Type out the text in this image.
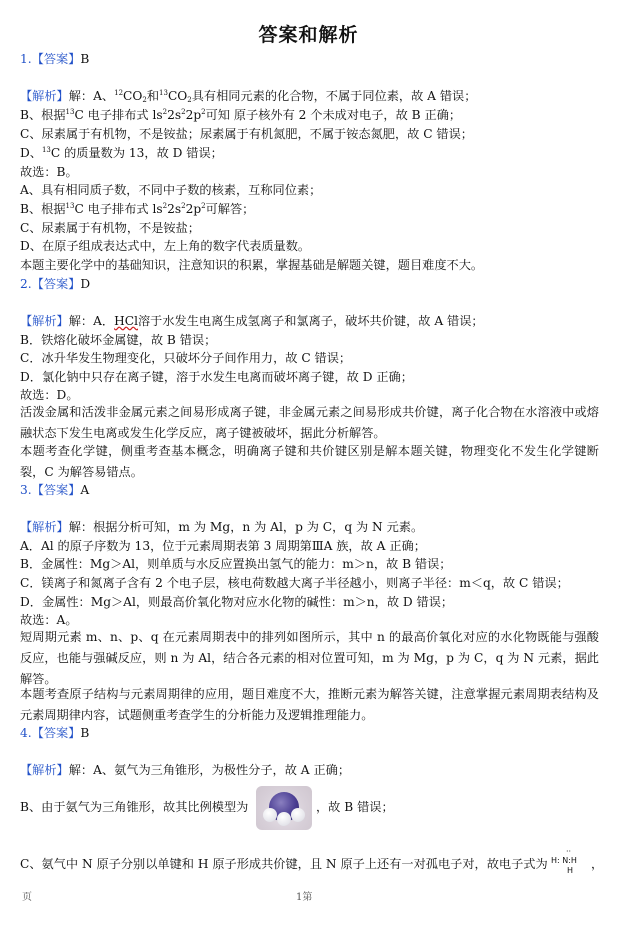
答案和解析
1.【答案】B
【解析】解：A、$^{12}CO_2$和$^{13}CO_2$具有相同元素的化合物，不属于同位素，故 A 错误；
B、根据$^{13}$C 电子排布式 $ls^22s^22p^2$可知 原子核外有 2 个未成对电子，故 B 正确；
C、尿素属于有机物，不是铵盐；尿素属于有机氮肥，不属于铵态氮肥，故 C 错误；
D、$^{13}$C 的质量数为 13，故 D 错误；
故选：B。
A、具有相同质子数，不同中子数的核素，互称同位素；
B、根据$^{13}$C 电子排布式 $ls^22s^22p^2$可解答；
C、尿素属于有机物，不是铵盐；
D、在原子组成表达式中，左上角的数字代表质量数。
本题主要化学中的基础知识，注意知识的积累，掌握基础是解题关键，题目难度不大。
2.【答案】D
【解析】解：A．HCl溶于水发生电离生成氢离子和氯离子，破坏共价键，故 A 错误；
B．铁熔化破坏金属键，故 B 错误；
C．冰升华发生物理变化，只破坏分子间作用力，故 C 错误；
D．氯化钠中只存在离子键，溶于水发生电离而破坏离子键，故 D 正确；
故选：D。
活泼金属和活泼非金属元素之间易形成离子键，非金属元素之间易形成共价键，离子化合物在水溶液中或熔融状态下发生电离或发生化学反应，离子键被破坏，据此分析解答。
本题考查化学键，侧重考查基本概念，明确离子键和共价键区别是解本题关键，物理变化不发生化学键断裂，C 为解答易错点。
3.【答案】A
【解析】解：根据分析可知，m 为 Mg，n 为 Al，p 为 C，q 为 N 元素。
A．Al 的原子序数为 13，位于元素周期表第 3 周期第ⅢA 族，故 A 正确；
B．金属性：Mg＞Al，则单质与水反应置换出氢气的能力：m＞n，故 B 错误；
C．镁离子和氮离子含有 2 个电子层，核电荷数越大离子半径越小，则离子半径：m＜q，故 C 错误；
D．金属性：Mg＞Al，则最高价氧化物对应水化物的碱性：m＞n，故 D 错误；
故选：A。
短周期元素 m、n、p、q 在元素周期表中的排列如图所示，其中 n 的最高价氧化对应的水化物既能与强酸反应，也能与强碱反应，则 n 为 Al，结合各元素的相对位置可知，m 为 Mg，p 为 C，q 为 N 元素，据此解答。
本题考查原子结构与元素周期律的应用，题目难度不大，推断元素为解答关键，注意掌握元素周期表结构及元素周期律内容，试题侧重考查学生的分析能力及逻辑推理能力。
4.【答案】B
【解析】解：A、氨气为三角锥形，为极性分子，故 A 正确；
B、由于氨气为三角锥形，故其比例模型为	，故 B 错误；
C、氨气中 N 原子分别以单键和 H 原子形成共价键，且 N 原子上还有一对孤电子对，故电子式为
··
H: N:H
H ，
页	1第
